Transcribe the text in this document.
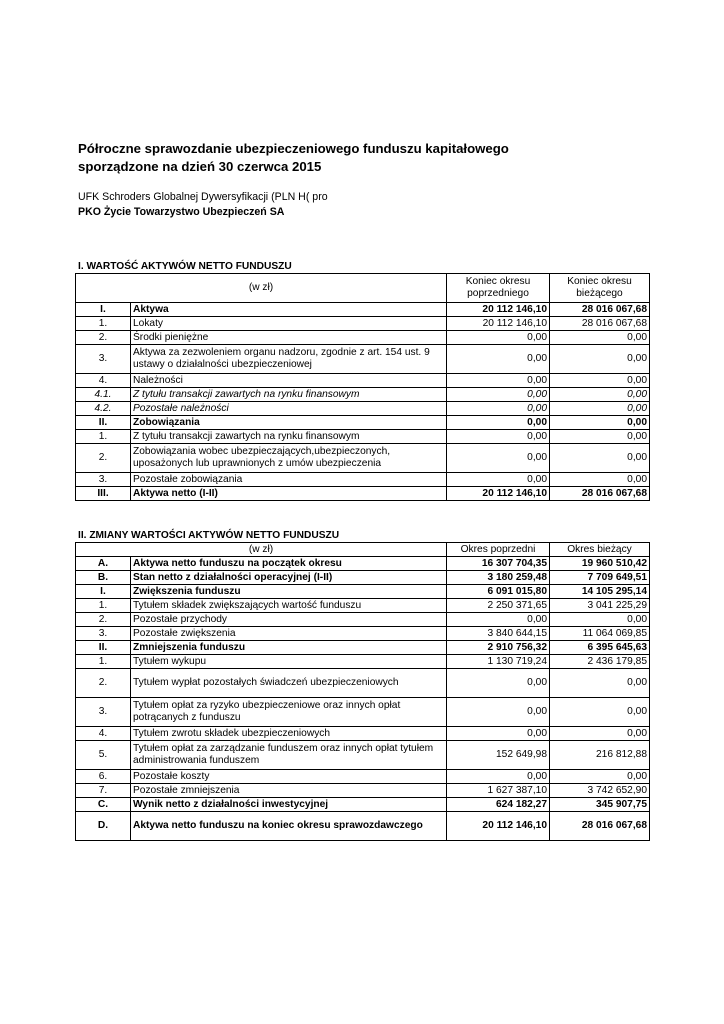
Półroczne sprawozdanie ubezpieczeniowego funduszu kapitałowego
sporządzone na dzień 30 czerwca 2015
UFK Schroders Globalnej Dywersyfikacji (PLN H( pro
PKO Życie Towarzystwo Ubezpieczeń SA
I. WARTOŚĆ AKTYWÓW NETTO FUNDUSZU
(w zł)		Koniec okresu poprzedniego	Koniec okresu bieżącego
I.	Aktywa	20 112 146,10	28 016 067,68
1.	Lokaty	20 112 146,10	28 016 067,68
2.	Środki pieniężne	0,00	0,00
3.	Aktywa za zezwoleniem organu nadzoru, zgodnie z art. 154 ust. 9 ustawy o działalności ubezpieczeniowej	0,00	0,00
4.	Należności	0,00	0,00
4.1.	Z tytułu transakcji zawartych na rynku finansowym	0,00	0,00
4.2.	Pozostałe należności	0,00	0,00
II.	Zobowiązania	0,00	0,00
1.	Z tytułu transakcji zawartych na rynku finansowym	0,00	0,00
2.	Zobowiązania wobec ubezpieczających,ubezpieczonych, uposażonych lub uprawnionych z umów ubezpieczenia	0,00	0,00
3.	Pozostałe zobowiązania	0,00	0,00
III.	Aktywa netto (I-II)	20 112 146,10	28 016 067,68
II. ZMIANY WARTOŚCI AKTYWÓW NETTO FUNDUSZU
(w zł)		Okres poprzedni	Okres bieżący
A.	Aktywa netto funduszu na początek okresu	16 307 704,35	19 960 510,42
B.	Stan netto z działalności operacyjnej (I-II)	3 180 259,48	7 709 649,51
I.	Zwiększenia funduszu	6 091 015,80	14 105 295,14
1.	Tytułem składek zwiększających wartość funduszu	2 250 371,65	3 041 225,29
2.	Pozostałe przychody	0,00	0,00
3.	Pozostałe zwiększenia	3 840 644,15	11 064 069,85
II.	Zmniejszenia funduszu	2 910 756,32	6 395 645,63
1.	Tytułem wykupu	1 130 719,24	2 436 179,85
2.	Tytułem wypłat pozostałych świadczeń ubezpieczeniowych	0,00	0,00
3.	Tytułem opłat za ryzyko ubezpieczeniowe oraz innych opłat potrącanych z funduszu	0,00	0,00
4.	Tytułem zwrotu składek ubezpieczeniowych	0,00	0,00
5.	Tytułem opłat za zarządzanie funduszem oraz innych opłat tytułem administrowania funduszem	152 649,98	216 812,88
6.	Pozostałe koszty	0,00	0,00
7.	Pozostałe zmniejszenia	1 627 387,10	3 742 652,90
C.	Wynik netto z działalności inwestycyjnej	624 182,27	345 907,75
D.	Aktywa netto funduszu na koniec okresu sprawozdawczego	20 112 146,10	28 016 067,68
